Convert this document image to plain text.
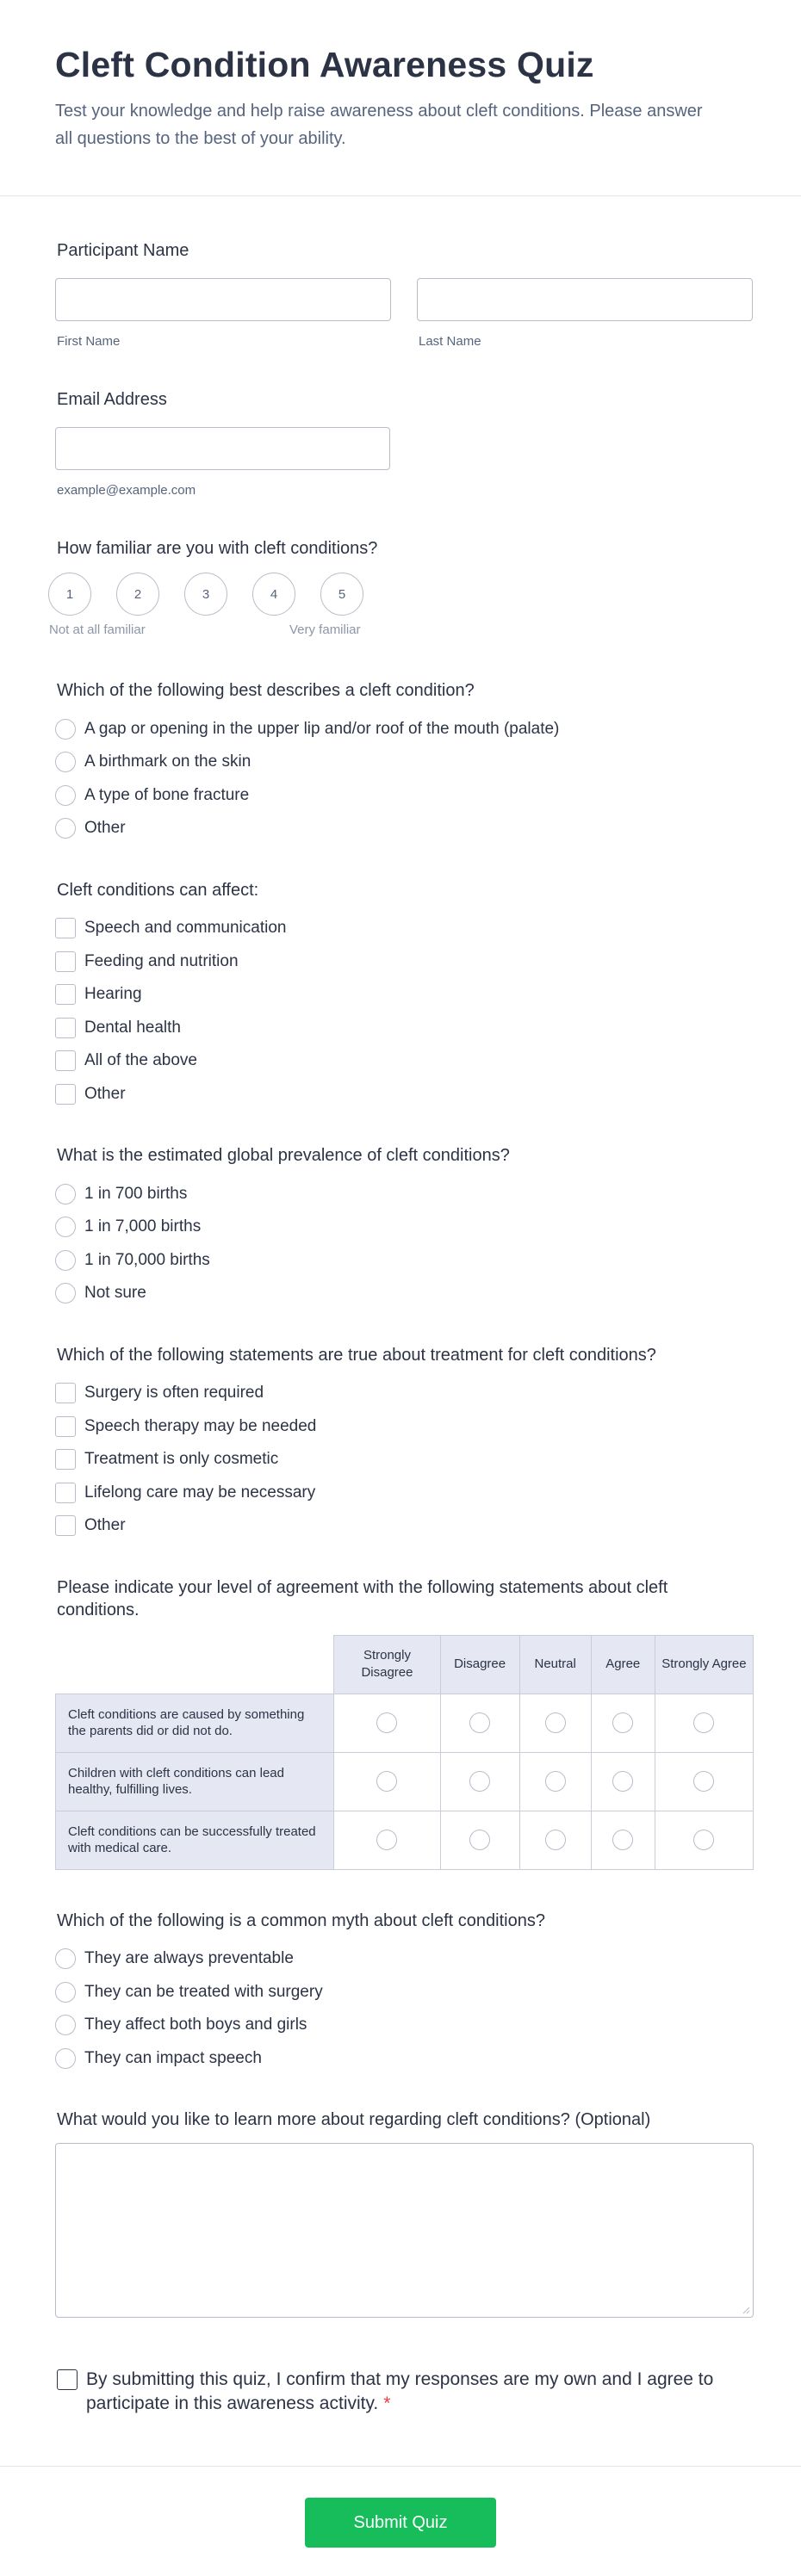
Cleft Condition Awareness Quiz

Test your knowledge and help raise awareness about cleft conditions. Please answer all questions to the best of your ability.

Participant Name
First Name	Last Name
Email Address
example@example.com
How familiar are you with cleft conditions?
1	2	3	4	5
Not at all familiar	Very familiar
Which of the following best describes a cleft condition?
A gap or opening in the upper lip and/or roof of the mouth (palate)
A birthmark on the skin
A type of bone fracture
Other
Cleft conditions can affect:
Speech and communication
Feeding and nutrition
Hearing
Dental health
All of the above
Other
What is the estimated global prevalence of cleft conditions?
1 in 700 births
1 in 7,000 births
1 in 70,000 births
Not sure
Which of the following statements are true about treatment for cleft conditions?
Surgery is often required
Speech therapy may be needed
Treatment is only cosmetic
Lifelong care may be necessary
Other
Please indicate your level of agreement with the following statements about cleft conditions.
	Strongly Disagree	Disagree	Neutral	Agree	Strongly Agree
Cleft conditions are caused by something the parents did or did not do.					
Children with cleft conditions can lead healthy, fulfilling lives.					
Cleft conditions can be successfully treated with medical care.					
Which of the following is a common myth about cleft conditions?
They are always preventable
They can be treated with surgery
They affect both boys and girls
They can impact speech
What would you like to learn more about regarding cleft conditions? (Optional)
By submitting this quiz, I confirm that my responses are my own and I agree to participate in this awareness activity. *
Submit Quiz
